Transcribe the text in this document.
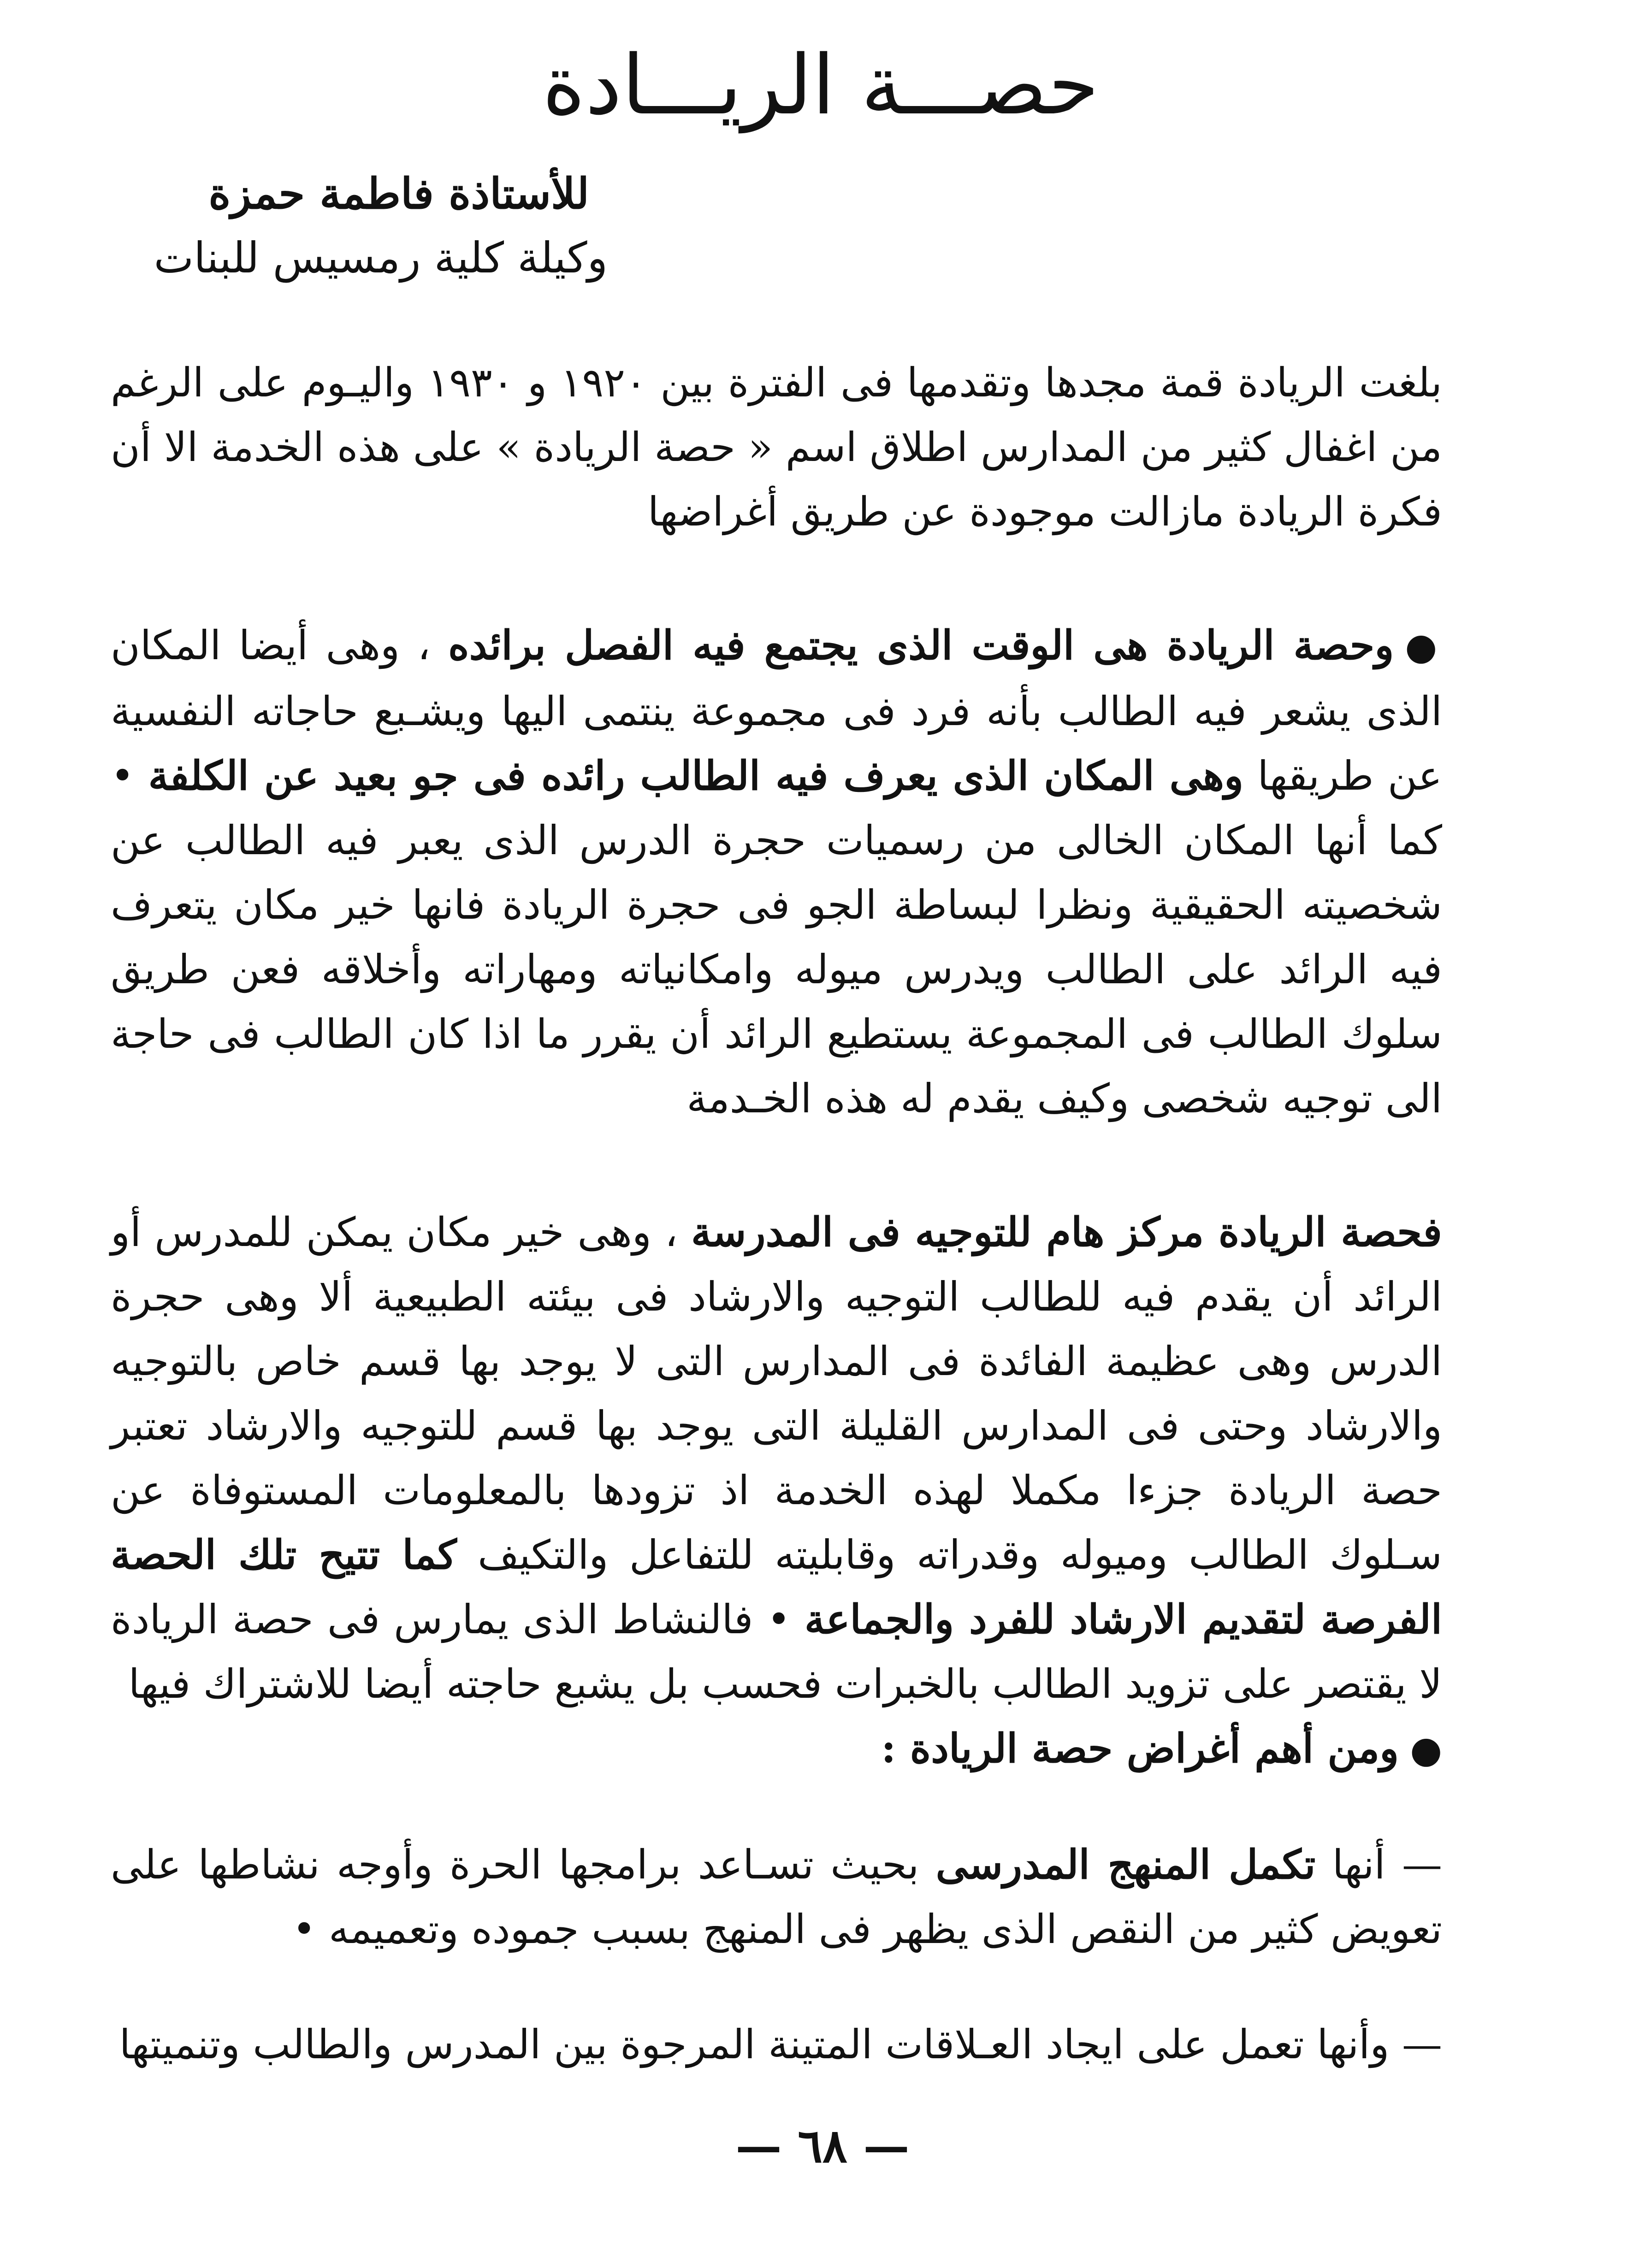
حصـــة الريـــادة
للأستاذة فاطمة حمزة
وكيلة كلية رمسيس للبنات

بلغت الريادة قمة مجدها وتقدمها فى الفترة بين ١٩٢٠ و ١٩٣٠ واليـوم على الرغم من اغفال كثير من المدارس اطلاق اسم « حصة الريادة » على هذه الخدمة الا أن فكرة الريادة مازالت موجودة عن طريق أغراضها

●وحصة الريادة هى الوقت الذى يجتمع فيه الفصل برائده ، وهى أيضا المكان الذى يشعر فيه الطالب بأنه فرد فى مجموعة ينتمى اليها ويشـبع حاجاته النفسية عن طريقها وهى المكان الذى يعرف فيه الطالب رائده فى جو بعيد عن الكلفة • كما أنها المكان الخالى من رسميات حجرة الدرس الذى يعبر فيه الطالب عن شخصيته الحقيقية ونظرا لبساطة الجو فى حجرة الريادة فانها خير مكان يتعرف فيه الرائد على الطالب ويدرس ميوله وامكانياته ومهاراته وأخلاقه فعن طريق سلوك الطالب فى المجموعة يستطيع الرائد أن يقرر ما اذا كان الطالب فى حاجة الى توجيه شخصى وكيف يقدم له هذه الخـدمة

فحصة الريادة مركز هام للتوجيه فى المدرسة ، وهى خير مكان يمكن للمدرس أو الرائد أن يقدم فيه للطالب التوجيه والارشاد فى بيئته الطبيعية ألا وهى حجرة الدرس وهى عظيمة الفائدة فى المدارس التى لا يوجد بها قسم خاص بالتوجيه والارشاد وحتى فى المدارس القليلة التى يوجد بها قسم للتوجيه والارشاد تعتبر حصة الريادة جزءا مكملا لهذه الخدمة اذ تزودها بالمعلومات المستوفاة عن سـلوك الطالب وميوله وقدراته وقابليته للتفاعل والتكيف كما تتيح تلك الحصة الفرصة لتقديم الارشاد للفرد والجماعة • فالنشاط الذى يمارس فى حصة الريادة لا يقتصر على تزويد الطالب بالخبرات فحسب بل يشبع حاجته أيضا للاشتراك فيها

●ومن أهم أغراض حصة الريادة :

— أنها تكمل المنهج المدرسى بحيث تسـاعد برامجها الحرة وأوجه نشاطها على تعويض كثير من النقص الذى يظهر فى المنهج بسبب جموده وتعميمه •

— وأنها تعمل على ايجاد العـلاقات المتينة المرجوة بين المدرس والطالب وتنميتها

— ٦٨ —
